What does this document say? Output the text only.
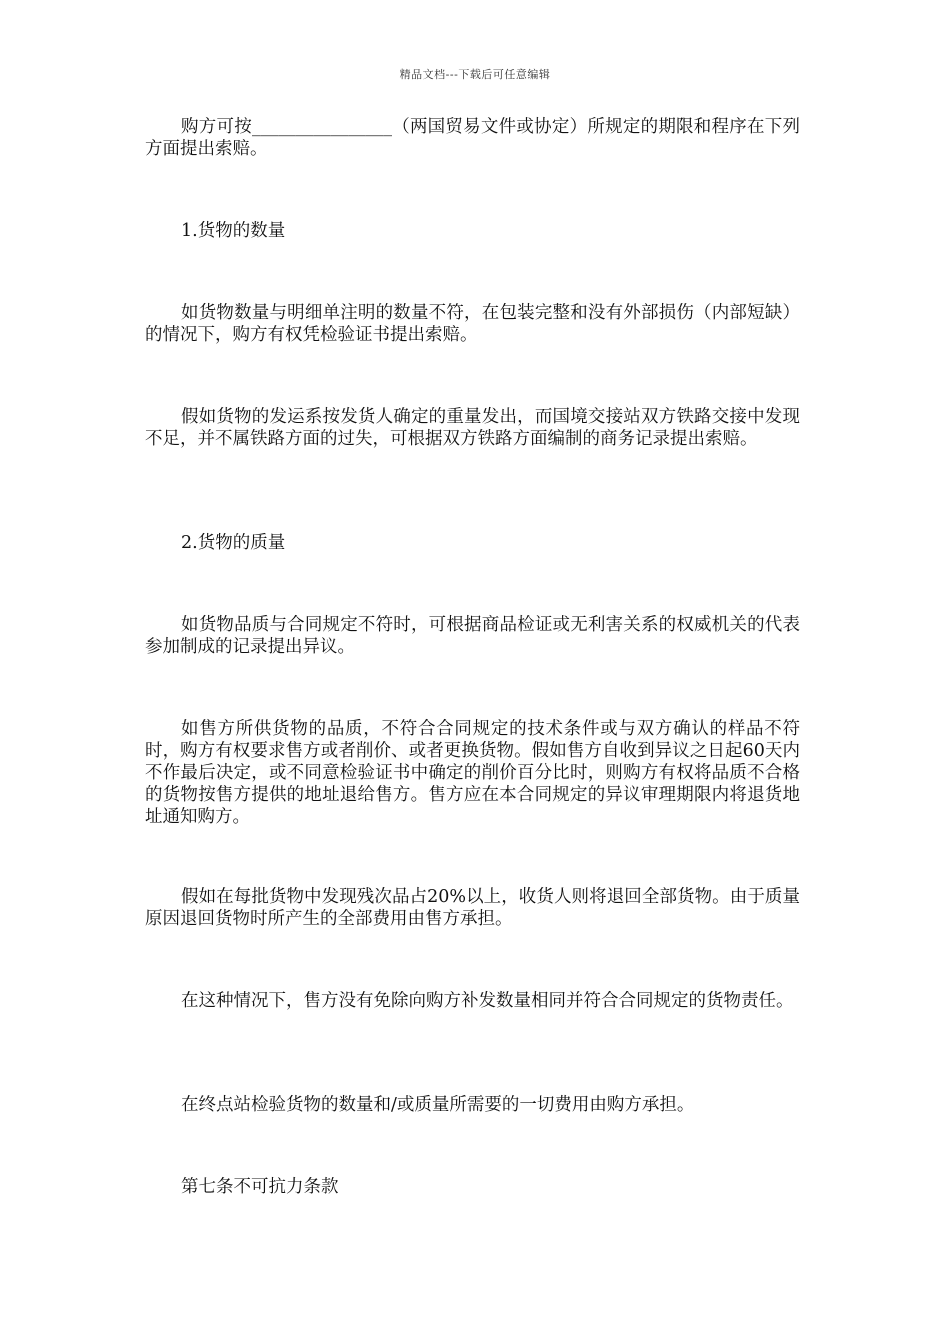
精品文档---下载后可任意编辑

购方可按________________（两国贸易文件或协定）所规定的期限和程序在下列方面提出索赔。

1.货物的数量

如货物数量与明细单注明的数量不符，在包装完整和没有外部损伤（内部短缺）的情况下，购方有权凭检验证书提出索赔。

假如货物的发运系按发货人确定的重量发出，而国境交接站双方铁路交接中发现不足，并不属铁路方面的过失，可根据双方铁路方面编制的商务记录提出索赔。

2.货物的质量

如货物品质与合同规定不符时，可根据商品检证或无利害关系的权威机关的代表参加制成的记录提出异议。

如售方所供货物的品质，不符合合同规定的技术条件或与双方确认的样品不符时，购方有权要求售方或者削价、或者更换货物。假如售方自收到异议之日起60天内不作最后决定，或不同意检验证书中确定的削价百分比时，则购方有权将品质不合格的货物按售方提供的地址退给售方。售方应在本合同规定的异议审理期限内将退货地址通知购方。

假如在每批货物中发现残次品占20%以上，收货人则将退回全部货物。由于质量原因退回货物时所产生的全部费用由售方承担。

在这种情况下，售方没有免除向购方补发数量相同并符合合同规定的货物责任。

在终点站检验货物的数量和/或质量所需要的一切费用由购方承担。

第七条不可抗力条款
